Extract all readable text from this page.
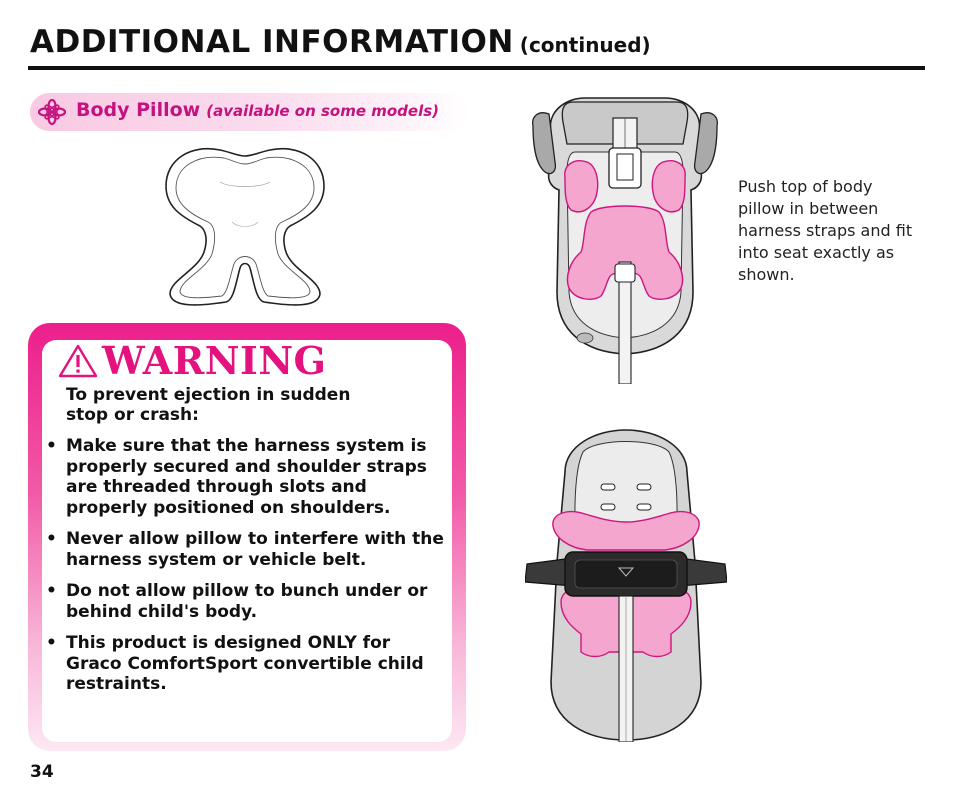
ADDITIONAL INFORMATION (continued)
Body Pillow (available on some models)
WARNING
To prevent ejection in sudden stop or crash:
• Make sure that the harness system is properly secured and shoulder straps are threaded through slots and properly positioned on shoulders.
• Never allow pillow to interfere with the harness system or vehicle belt.
• Do not allow pillow to bunch under or behind child's body.
• This product is designed ONLY for Graco ComfortSport convertible child restraints.
Push top of body pillow in between harness straps and fit into seat exactly as shown.
34
